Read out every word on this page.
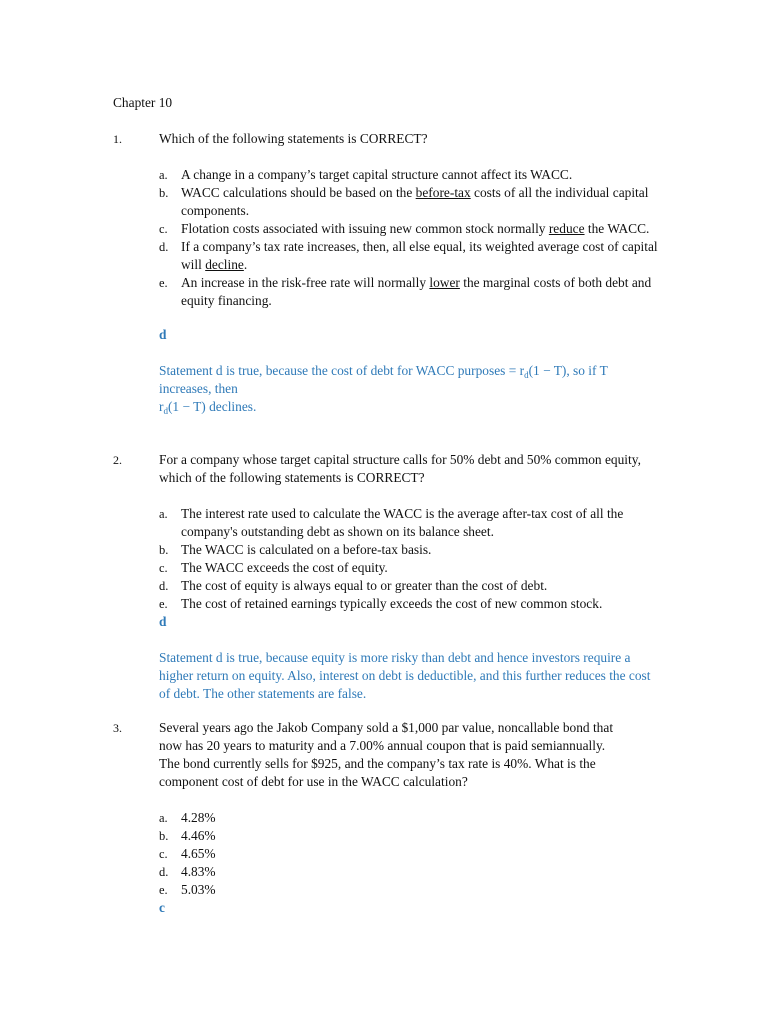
Chapter 10
1.	Which of the following statements is CORRECT?
a. A change in a company’s target capital structure cannot affect its WACC.
b. WACC calculations should be based on the before-tax costs of all the individual capital components.
c. Flotation costs associated with issuing new common stock normally reduce the WACC.
d. If a company’s tax rate increases, then, all else equal, its weighted average cost of capital will decline.
e. An increase in the risk-free rate will normally lower the marginal costs of both debt and equity financing.
d
Statement d is true, because the cost of debt for WACC purposes = $r_d(1 - T)$, so if T increases, then
$r_d(1 - T)$ declines.
2.	For a company whose target capital structure calls for 50% debt and 50% common equity, which of the following statements is CORRECT?
a. The interest rate used to calculate the WACC is the average after-tax cost of all the company's outstanding debt as shown on its balance sheet.
b. The WACC is calculated on a before-tax basis.
c. The WACC exceeds the cost of equity.
d. The cost of equity is always equal to or greater than the cost of debt.
e. The cost of retained earnings typically exceeds the cost of new common stock.
d
Statement d is true, because equity is more risky than debt and hence investors require a higher return on equity. Also, interest on debt is deductible, and this further reduces the cost of debt. The other statements are false.
3.	Several years ago the Jakob Company sold a $1,000 par value, noncallable bond that now has 20 years to maturity and a 7.00% annual coupon that is paid semiannually. The bond currently sells for $925, and the company’s tax rate is 40%. What is the component cost of debt for use in the WACC calculation?
a. 4.28%
b. 4.46%
c. 4.65%
d. 4.83%
e. 5.03%
c
